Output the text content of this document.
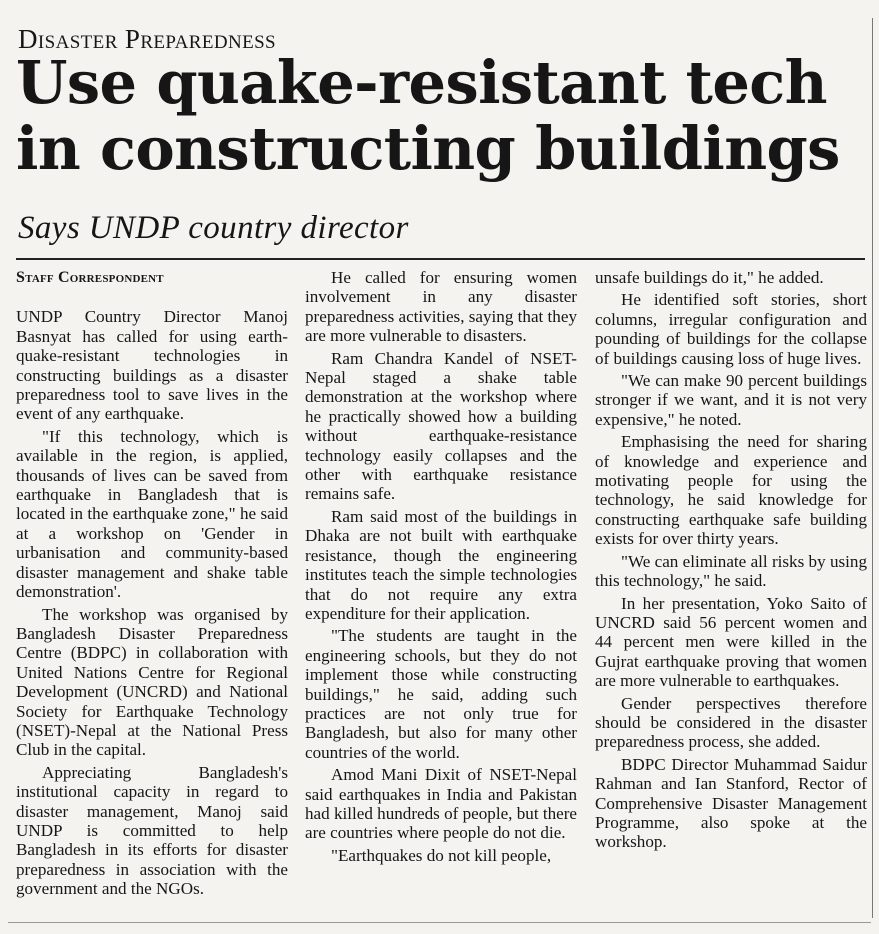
Disaster Preparedness
Use quake-resistant tech in constructing buildings
Says UNDP country director
Staff Correspondent

UNDP Country Director Manoj Basnyat has called for using earth-quake-resistant technologies in constructing buildings as a disaster preparedness tool to save lives in the event of any earthquake.

"If this technology, which is available in the region, is applied, thousands of lives can be saved from earthquake in Bangladesh that is located in the earthquake zone," he said at a workshop on 'Gender in urbanisation and community-based disaster management and shake table demonstration'.

The workshop was organised by Bangladesh Disaster Preparedness Centre (BDPC) in collaboration with United Nations Centre for Regional Development (UNCRD) and National Society for Earthquake Technology (NSET)-Nepal at the National Press Club in the capital.

Appreciating Bangladesh's institutional capacity in regard to disaster management, Manoj said UNDP is committed to help Bangladesh in its efforts for disaster preparedness in association with the government and the NGOs.

He called for ensuring women involvement in any disaster preparedness activities, saying that they are more vulnerable to disasters.

Ram Chandra Kandel of NSET-Nepal staged a shake table demonstration at the workshop where he practically showed how a building without earthquake-resistance technology easily collapses and the other with earthquake resistance remains safe.

Ram said most of the buildings in Dhaka are not built with earthquake resistance, though the engineering institutes teach the simple technologies that do not require any extra expenditure for their application.

"The students are taught in the engineering schools, but they do not implement those while constructing buildings," he said, adding such practices are not only true for Bangladesh, but also for many other countries of the world.

Amod Mani Dixit of NSET-Nepal said earthquakes in India and Pakistan had killed hundreds of people, but there are countries where people do not die.

"Earthquakes do not kill people,

unsafe buildings do it," he added.

He identified soft stories, short columns, irregular configuration and pounding of buildings for the collapse of buildings causing loss of huge lives.

"We can make 90 percent buildings stronger if we want, and it is not very expensive," he noted.

Emphasising the need for sharing of knowledge and experience and motivating people for using the technology, he said knowledge for constructing earthquake safe building exists for over thirty years.

"We can eliminate all risks by using this technology," he said.

In her presentation, Yoko Saito of UNCRD said 56 percent women and 44 percent men were killed in the Gujrat earthquake proving that women are more vulnerable to earthquakes.

Gender perspectives therefore should be considered in the disaster preparedness process, she added.

BDPC Director Muhammad Saidur Rahman and Ian Stanford, Rector of Comprehensive Disaster Management Programme, also spoke at the workshop.
